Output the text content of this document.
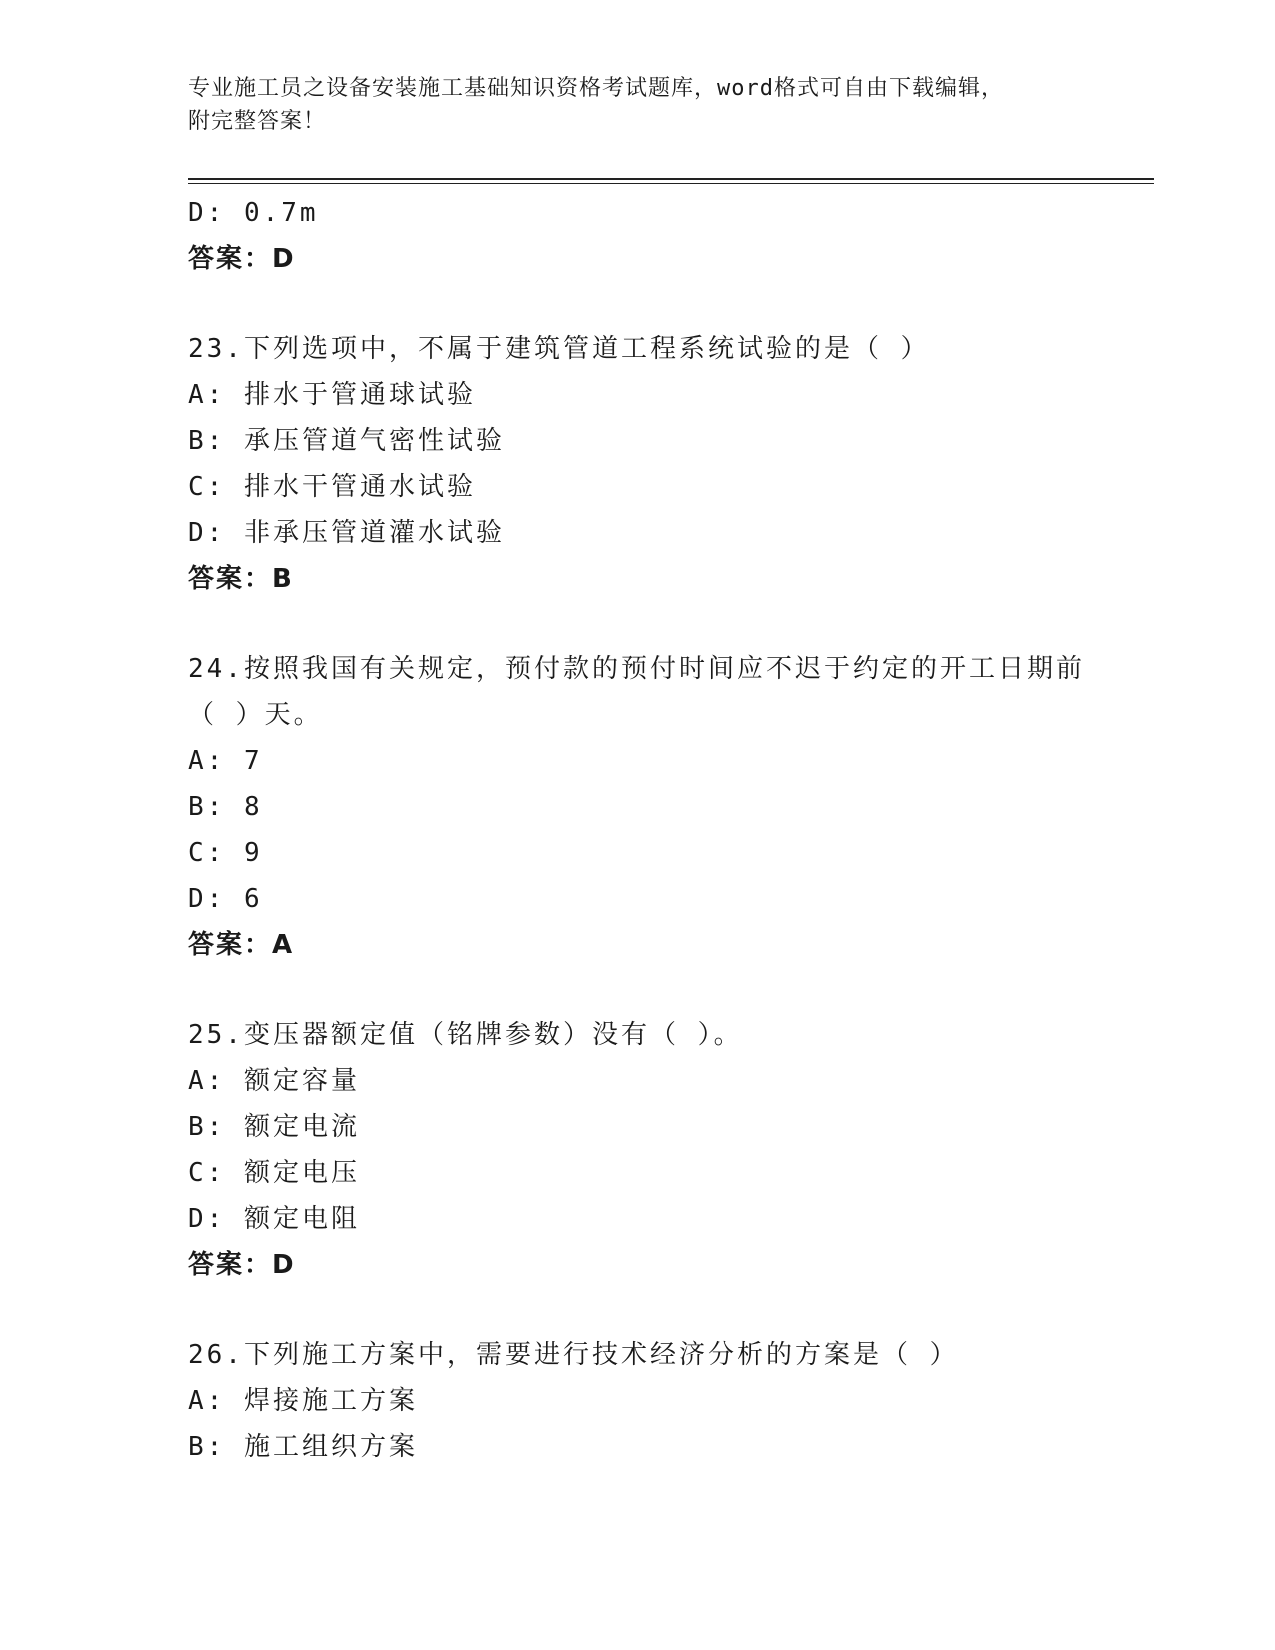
专业施工员之设备安装施工基础知识资格考试题库，word格式可自由下载编辑，
附完整答案！
D: 0.7m
答案：D
23.下列选项中，不属于建筑管道工程系统试验的是（ ）
A: 排水于管通球试验
B: 承压管道气密性试验
C: 排水干管通水试验
D: 非承压管道灌水试验
答案：B
24.按照我国有关规定，预付款的预付时间应不迟于约定的开工日期前
（ ）天。
A: 7
B: 8
C: 9
D: 6
答案：A
25.变压器额定值（铭牌参数）没有（ ）。
A: 额定容量
B: 额定电流
C: 额定电压
D: 额定电阻
答案：D
26.下列施工方案中，需要进行技术经济分析的方案是（ ）
A: 焊接施工方案
B: 施工组织方案
